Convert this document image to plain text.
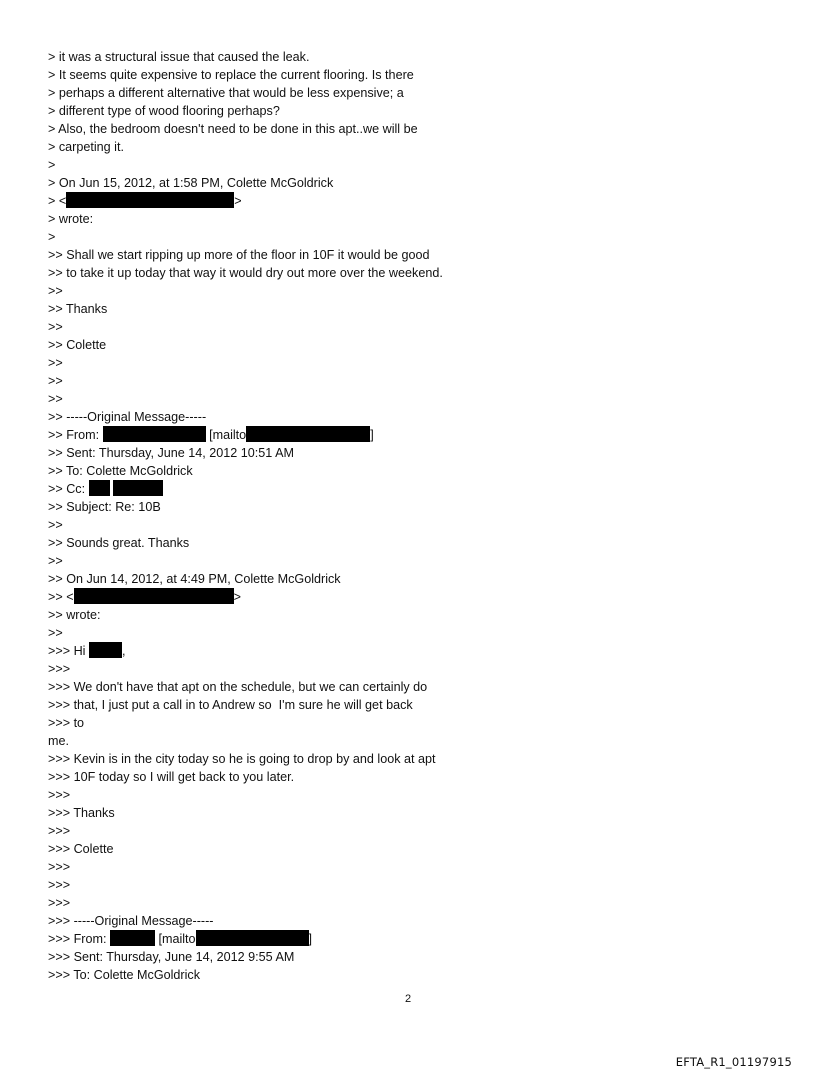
> it was a structural issue that caused the leak.
> It seems quite expensive to replace the current flooring. Is there
> perhaps a different alternative that would be less expensive; a
> different type of wood flooring perhaps?
> Also, the bedroom doesn't need to be done in this apt..we will be
> carpeting it.
>
> On Jun 15, 2012, at 1:58 PM, Colette McGoldrick
> <	>
> wrote:
>
>> Shall we start ripping up more of the floor in 10F it would be good
>> to take it up today that way it would dry out more over the weekend.
>>
>> Thanks
>>
>> Colette
>>
>>
>>
>> -----Original Message-----
>> From:	[mailto	]
>> Sent: Thursday, June 14, 2012 10:51 AM
>> To: Colette McGoldrick
>> Cc:
>> Subject: Re: 10B
>>
>> Sounds great. Thanks
>>
>> On Jun 14, 2012, at 4:49 PM, Colette McGoldrick
>> <	>
>> wrote:
>>
>>> Hi	,
>>>
>>> We don't have that apt on the schedule, but we can certainly do
>>> that, I just put a call in to Andrew so  I'm sure he will get back
>>> to
me.
>>> Kevin is in the city today so he is going to drop by and look at apt
>>> 10F today so I will get back to you later.
>>>
>>> Thanks
>>>
>>> Colette
>>>
>>>
>>>
>>> -----Original Message-----
>>> From:	[mailto	]
>>> Sent: Thursday, June 14, 2012 9:55 AM
>>> To: Colette McGoldrick
2
EFTA_R1_01197915
